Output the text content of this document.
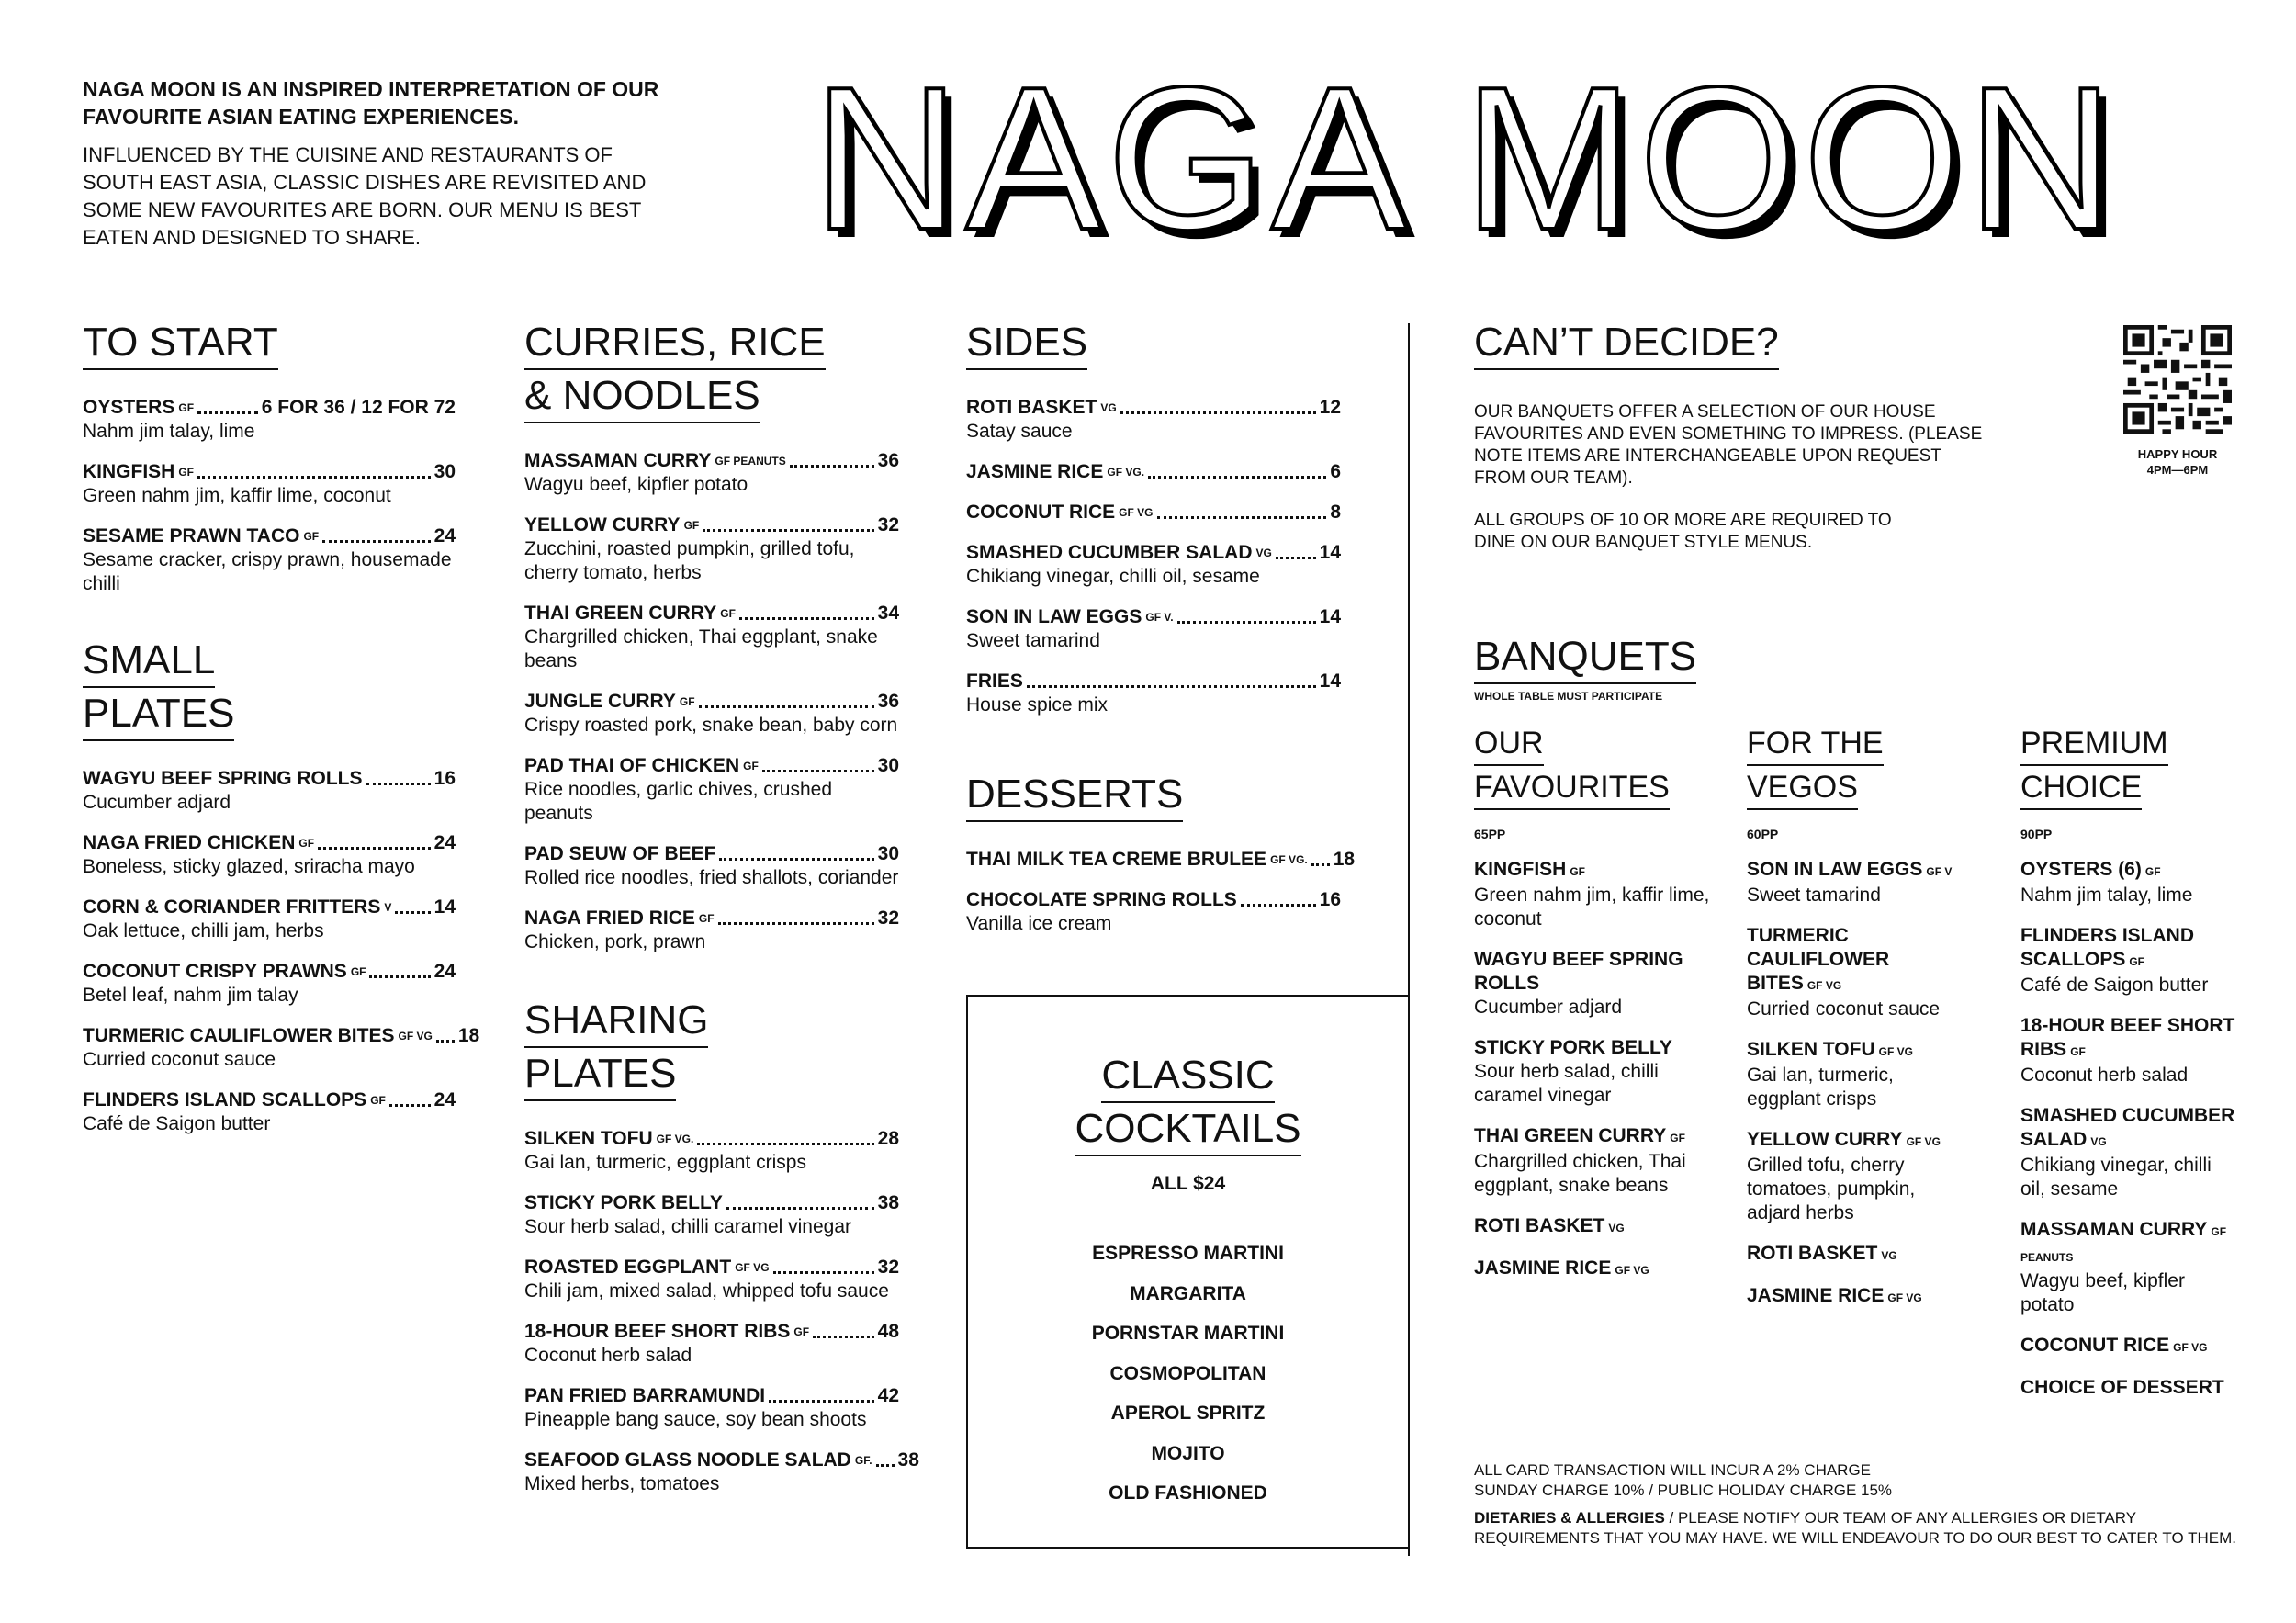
NAGA MOON IS AN INSPIRED INTERPRETATION OF OUR FAVOURITE ASIAN EATING EXPERIENCES.
INFLUENCED BY THE CUISINE AND RESTAURANTS OF SOUTH EAST ASIA, CLASSIC DISHES ARE REVISITED AND SOME NEW FAVOURITES ARE BORN. OUR MENU IS BEST EATEN AND DESIGNED TO SHARE.	NAGA MOON
TO START
OYSTERS GF	6 FOR 36 / 12 FOR 72
Nahm jim talay, lime
KINGFISH GF	30
Green nahm jim, kaffir lime, coconut
SESAME PRAWN TACO GF	24
Sesame cracker, crispy prawn, housemade chilli
SMALL
PLATES
WAGYU BEEF SPRING ROLLS	16
Cucumber adjard
NAGA FRIED CHICKEN GF	24
Boneless, sticky glazed, sriracha mayo
CORN & CORIANDER FRITTERS V 14
Oak lettuce, chilli jam, herbs
COCONUT CRISPY PRAWNS GF	24
Betel leaf, nahm jim talay
TURMERIC CAULIFLOWER BITES GF VG 18
Curried coconut sauce
FLINDERS ISLAND SCALLOPS GF	24
Café de Saigon butter
CURRIES, RICE
& NOODLES
MASSAMAN CURRY GF PEANUTS	36
Wagyu beef, kipfler potato
YELLOW CURRY GF	32
Zucchini, roasted pumpkin, grilled tofu, cherry tomato, herbs
THAI GREEN CURRY GF	34
Chargrilled chicken, Thai eggplant, snake beans
JUNGLE CURRY GF	36
Crispy roasted pork, snake bean, baby corn
PAD THAI OF CHICKEN GF	30
Rice noodles, garlic chives, crushed peanuts
PAD SEUW OF BEEF	30
Rolled rice noodles, fried shallots, coriander
NAGA FRIED RICE GF	32
Chicken, pork, prawn
SHARING
PLATES
SILKEN TOFU GF VG.	28
Gai lan, turmeric, eggplant crisps
STICKY PORK BELLY	38
Sour herb salad, chilli caramel vinegar
ROASTED EGGPLANT GF VG	32
Chili jam, mixed salad, whipped tofu sauce
18-HOUR BEEF SHORT RIBS GF	48
Coconut herb salad
PAN FRIED BARRAMUNDI	42
Pineapple bang sauce, soy bean shoots
SEAFOOD GLASS NOODLE SALAD GF. 38
Mixed herbs, tomatoes
SIDES
ROTI BASKET VG	12
Satay sauce
JASMINE RICE GF VG.	6
COCONUT RICE GF VG	8
SMASHED CUCUMBER SALAD VG 14
Chikiang vinegar, chilli oil, sesame
SON IN LAW EGGS GF V.	14
Sweet tamarind
FRIES	14
House spice mix
DESSERTS
THAI MILK TEA CREME BRULEE GF VG. 18
CHOCOLATE SPRING ROLLS	16
Vanilla ice cream
CLASSIC
COCKTAILS
ALL $24
ESPRESSO MARTINI
MARGARITA
PORNSTAR MARTINI
COSMOPOLITAN
APEROL SPRITZ
MOJITO
OLD FASHIONED
CAN’T DECIDE?
OUR BANQUETS OFFER A SELECTION OF OUR HOUSE FAVOURITES AND EVEN SOMETHING TO IMPRESS. (PLEASE NOTE ITEMS ARE INTERCHANGEABLE UPON REQUEST FROM OUR TEAM).
ALL GROUPS OF 10 OR MORE ARE REQUIRED TO DINE ON OUR BANQUET STYLE MENUS.
HAPPY HOUR
4PM—6PM
BANQUETS
WHOLE TABLE MUST PARTICIPATE
OUR
FAVOURITES
65PP
KINGFISH GF
Green nahm jim, kaffir lime, coconut
WAGYU BEEF SPRING ROLLS
Cucumber adjard
STICKY PORK BELLY
Sour herb salad, chilli caramel vinegar
THAI GREEN CURRY GF
Chargrilled chicken, Thai eggplant, snake beans
ROTI BASKET VG
JASMINE RICE GF VG
FOR THE
VEGOS
60PP
SON IN LAW EGGS GF V
Sweet tamarind
TURMERIC CAULIFLOWER BITES GF VG
Curried coconut sauce
SILKEN TOFU GF VG
Gai lan, turmeric, eggplant crisps
YELLOW CURRY GF VG
Grilled tofu, cherry tomatoes, pumpkin, adjard herbs
ROTI BASKET VG
JASMINE RICE GF VG
PREMIUM
CHOICE
90PP
OYSTERS (6) GF
Nahm jim talay, lime
FLINDERS ISLAND SCALLOPS GF
Café de Saigon butter
18-HOUR BEEF SHORT RIBS GF
Coconut herb salad
SMASHED CUCUMBER SALAD VG
Chikiang vinegar, chilli oil, sesame
MASSAMAN CURRY GF PEANUTS
Wagyu beef, kipfler potato
COCONUT RICE GF VG
CHOICE OF DESSERT
ALL CARD TRANSACTION WILL INCUR A 2% CHARGE
SUNDAY CHARGE 10% / PUBLIC HOLIDAY CHARGE 15%
DIETARIES & ALLERGIES / PLEASE NOTIFY OUR TEAM OF ANY ALLERGIES OR DIETARY REQUIREMENTS THAT YOU MAY HAVE. WE WILL ENDEAVOUR TO DO OUR BEST TO CATER TO THEM.
